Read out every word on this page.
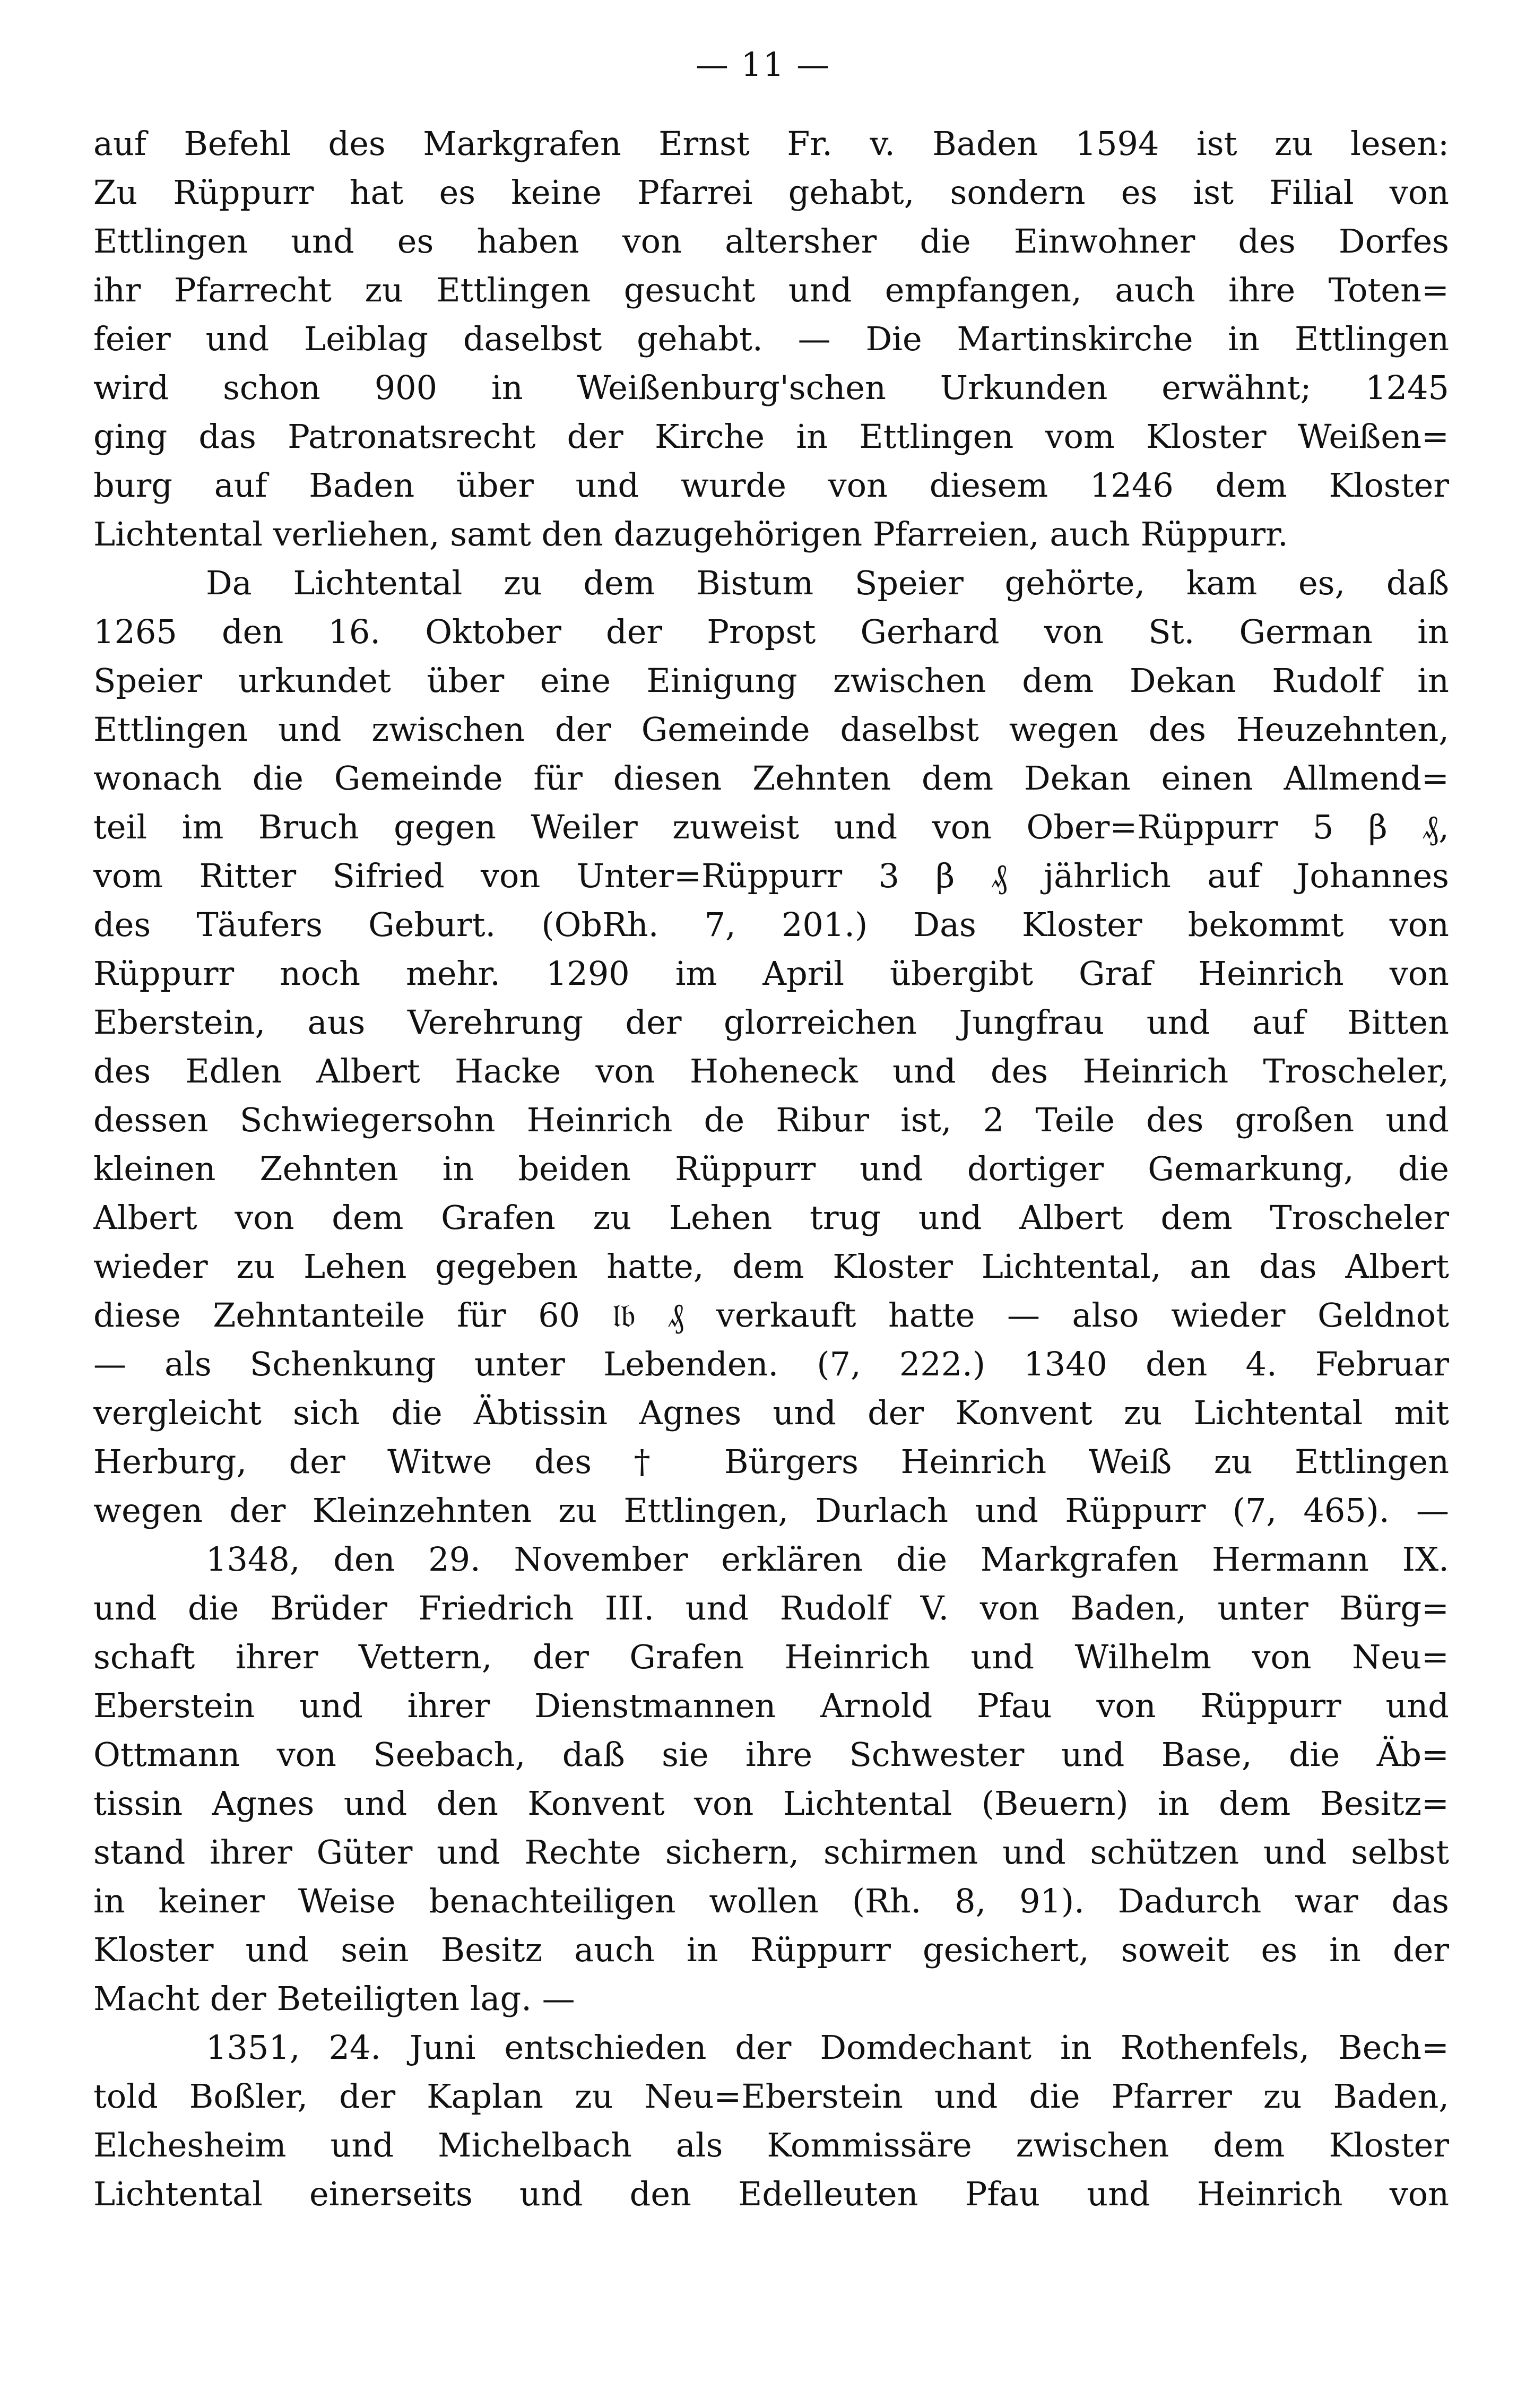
— 11 —
auf Befehl des Markgrafen Ernst Fr. v. Baden 1594 ist zu lesen:
Zu Rüppurr hat es keine Pfarrei gehabt, sondern es ist Filial von
Ettlingen und es haben von altersher die Einwohner des Dorfes
ihr Pfarrecht zu Ettlingen gesucht und empfangen, auch ihre Toten=
feier und Leiblag daselbst gehabt. — Die Martinskirche in Ettlingen
wird schon 900 in Weißenburg'schen Urkunden erwähnt; 1245
ging das Patronatsrecht der Kirche in Ettlingen vom Kloster Weißen=
burg auf Baden über und wurde von diesem 1246 dem Kloster
Lichtental verliehen, samt den dazugehörigen Pfarreien, auch Rüppurr.
Da Lichtental zu dem Bistum Speier gehörte, kam es, daß
1265 den 16. Oktober der Propst Gerhard von St. German in
Speier urkundet über eine Einigung zwischen dem Dekan Rudolf in
Ettlingen und zwischen der Gemeinde daselbst wegen des Heuzehnten,
wonach die Gemeinde für diesen Zehnten dem Dekan einen Allmend=
teil im Bruch gegen Weiler zuweist und von Ober=Rüppurr 5 β ₰,
vom Ritter Sifried von Unter=Rüppurr 3 β ₰ jährlich auf Johannes
des Täufers Geburt. (ObRh. 7, 201.) Das Kloster bekommt von
Rüppurr noch mehr. 1290 im April übergibt Graf Heinrich von
Eberstein, aus Verehrung der glorreichen Jungfrau und auf Bitten
des Edlen Albert Hacke von Hoheneck und des Heinrich Troscheler,
dessen Schwiegersohn Heinrich de Ribur ist, 2 Teile des großen und
kleinen Zehnten in beiden Rüppurr und dortiger Gemarkung, die
Albert von dem Grafen zu Lehen trug und Albert dem Troscheler
wieder zu Lehen gegeben hatte, dem Kloster Lichtental, an das Albert
diese Zehntanteile für 60 𝔩𝔟 ₰ verkauft hatte — also wieder Geldnot
— als Schenkung unter Lebenden. (7, 222.) 1340 den 4. Februar
vergleicht sich die Äbtissin Agnes und der Konvent zu Lichtental mit
Herburg, der Witwe des † Bürgers Heinrich Weiß zu Ettlingen
wegen der Kleinzehnten zu Ettlingen, Durlach und Rüppurr (7, 465). —
1348, den 29. November erklären die Markgrafen Hermann IX.
und die Brüder Friedrich III. und Rudolf V. von Baden, unter Bürg=
schaft ihrer Vettern, der Grafen Heinrich und Wilhelm von Neu=
Eberstein und ihrer Dienstmannen Arnold Pfau von Rüppurr und
Ottmann von Seebach, daß sie ihre Schwester und Base, die Äb=
tissin Agnes und den Konvent von Lichtental (Beuern) in dem Besitz=
stand ihrer Güter und Rechte sichern, schirmen und schützen und selbst
in keiner Weise benachteiligen wollen (Rh. 8, 91). Dadurch war das
Kloster und sein Besitz auch in Rüppurr gesichert, soweit es in der
Macht der Beteiligten lag. —
1351, 24. Juni entschieden der Domdechant in Rothenfels, Bech=
told Boßler, der Kaplan zu Neu=Eberstein und die Pfarrer zu Baden,
Elchesheim und Michelbach als Kommissäre zwischen dem Kloster
Lichtental einerseits und den Edelleuten Pfau und Heinrich von
